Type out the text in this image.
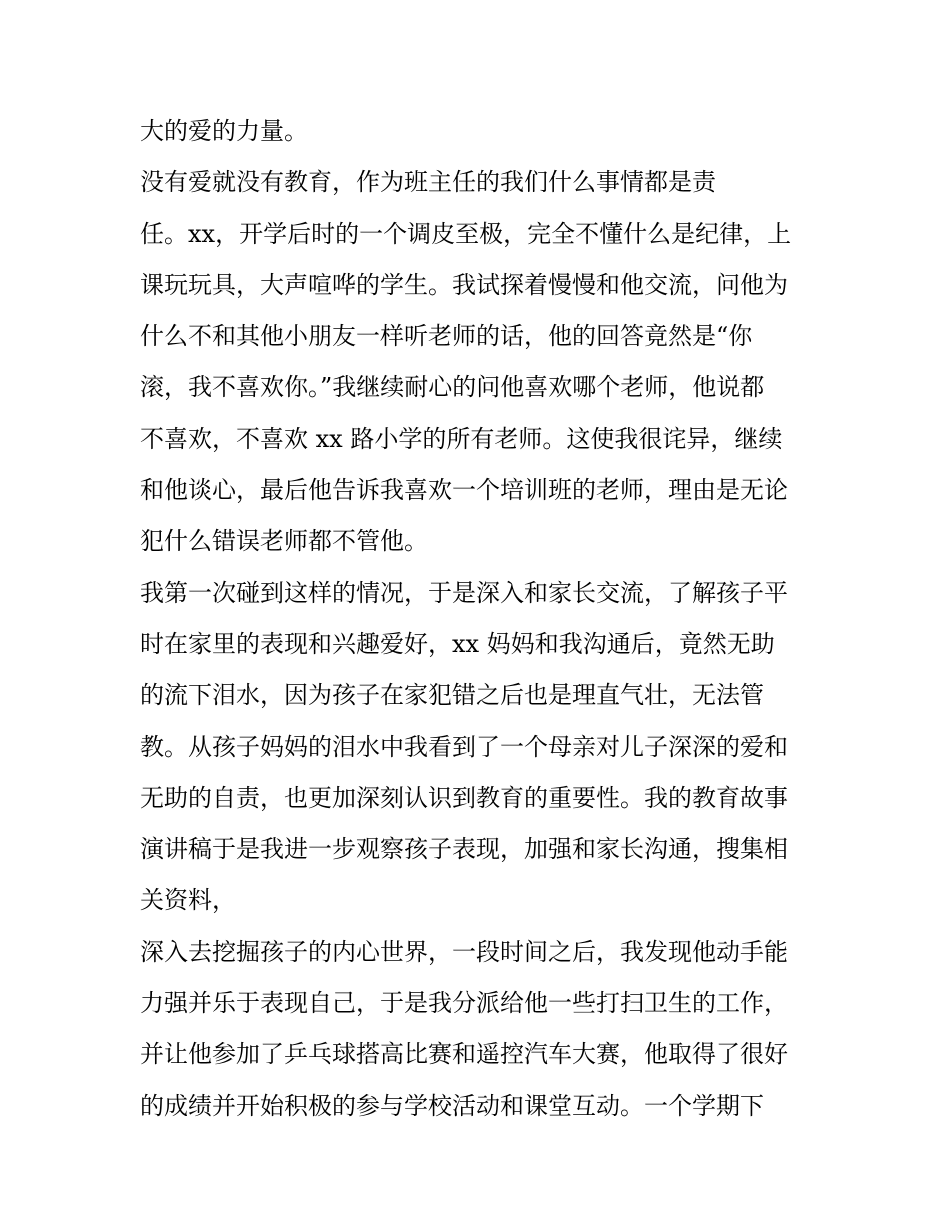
大的爱的力量。
没有爱就没有教育，作为班主任的我们什么事情都是责
任。xx，开学后时的一个调皮至极，完全不懂什么是纪律，上
课玩玩具，大声喧哗的学生。我试探着慢慢和他交流，问他为
什么不和其他小朋友一样听老师的话，他的回答竟然是“你
滚，我不喜欢你。”我继续耐心的问他喜欢哪个老师，他说都
不喜欢，不喜欢 xx 路小学的所有老师。这使我很诧异，继续
和他谈心，最后他告诉我喜欢一个培训班的老师，理由是无论
犯什么错误老师都不管他。
我第一次碰到这样的情况，于是深入和家长交流，了解孩子平
时在家里的表现和兴趣爱好，xx 妈妈和我沟通后，竟然无助
的流下泪水，因为孩子在家犯错之后也是理直气壮，无法管
教。从孩子妈妈的泪水中我看到了一个母亲对儿子深深的爱和
无助的自责，也更加深刻认识到教育的重要性。我的教育故事
演讲稿于是我进一步观察孩子表现，加强和家长沟通，搜集相
关资料，
深入去挖掘孩子的内心世界，一段时间之后，我发现他动手能
力强并乐于表现自己，于是我分派给他一些打扫卫生的工作，
并让他参加了乒乓球搭高比赛和遥控汽车大赛，他取得了很好
的成绩并开始积极的参与学校活动和课堂互动。一个学期下
